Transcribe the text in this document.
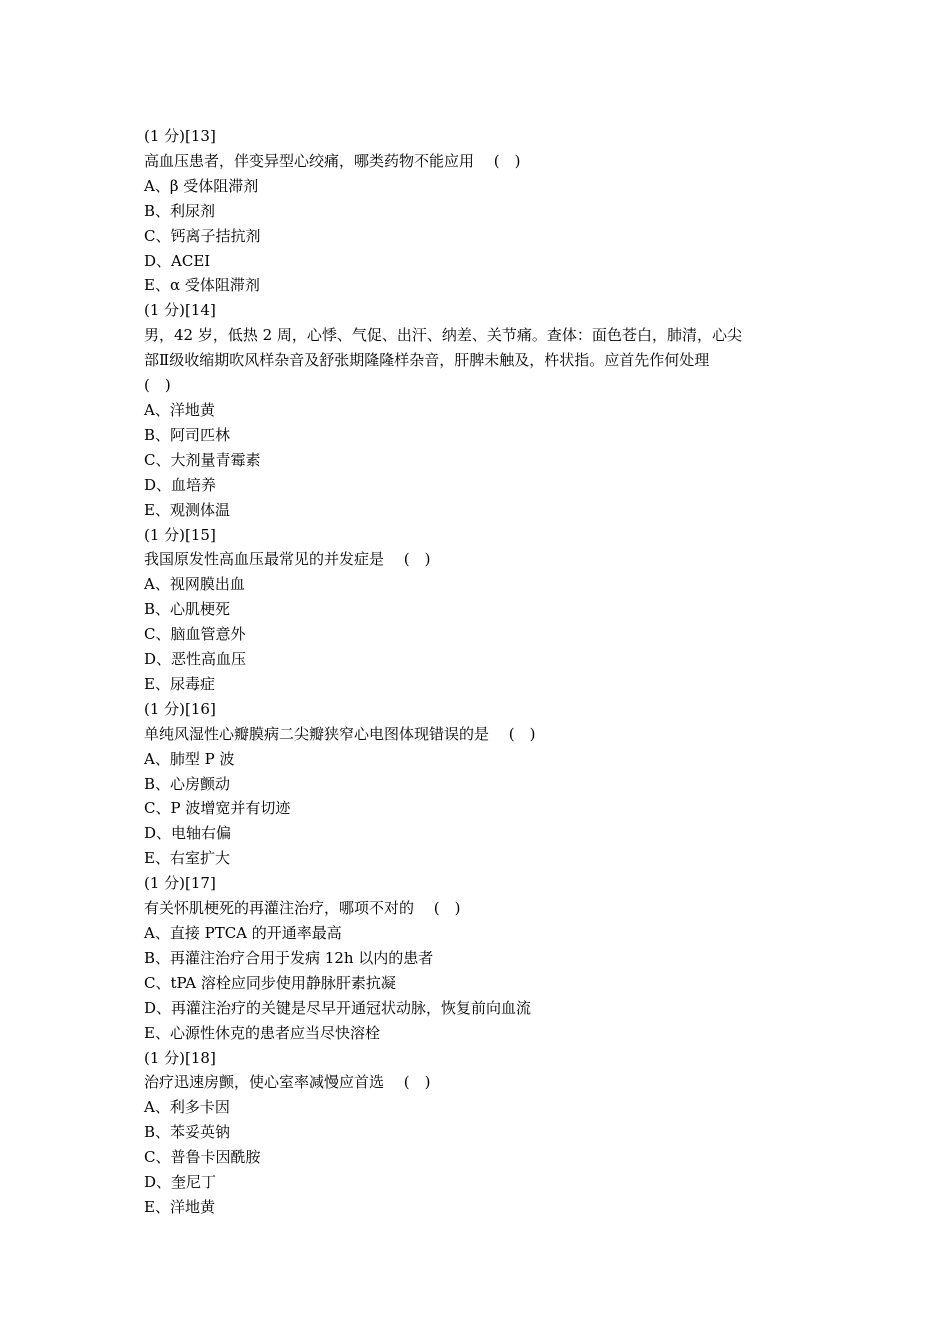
(1 分)[13]
高血压患者，伴变异型心绞痛，哪类药物不能应用　 (　)
A、β 受体阻滞剂
B、利尿剂
C、钙离子拮抗剂
D、ACEI
E、α 受体阻滞剂
(1 分)[14]
男，42 岁，低热 2 周，心悸、气促、出汗、纳差、关节痛。查体：面色苍白，肺清，心尖
部Ⅱ级收缩期吹风样杂音及舒张期隆隆样杂音，肝脾未触及，杵状指。应首先作何处理
(　)
A、洋地黄
B、阿司匹林
C、大剂量青霉素
D、血培养
E、观测体温
(1 分)[15]
我国原发性高血压最常见的并发症是　 (　)
A、视网膜出血
B、心肌梗死
C、脑血管意外
D、恶性高血压
E、尿毒症
(1 分)[16]
单纯风湿性心瓣膜病二尖瓣狭窄心电图体现错误的是　 (　)
A、肺型 P 波
B、心房颤动
C、P 波增宽并有切迹
D、电轴右偏
E、右室扩大
(1 分)[17]
有关怀肌梗死的再灌注治疗，哪项不对的　 (　)
A、直接 PTCA 的开通率最高
B、再灌注治疗合用于发病 12h 以内的患者
C、tPA 溶栓应同步使用静脉肝素抗凝
D、再灌注治疗的关键是尽早开通冠状动脉，恢复前向血流
E、心源性休克的患者应当尽快溶栓
(1 分)[18]
治疗迅速房颤，使心室率减慢应首选　 (　)
A、利多卡因
B、苯妥英钠
C、普鲁卡因酰胺
D、奎尼丁
E、洋地黄
